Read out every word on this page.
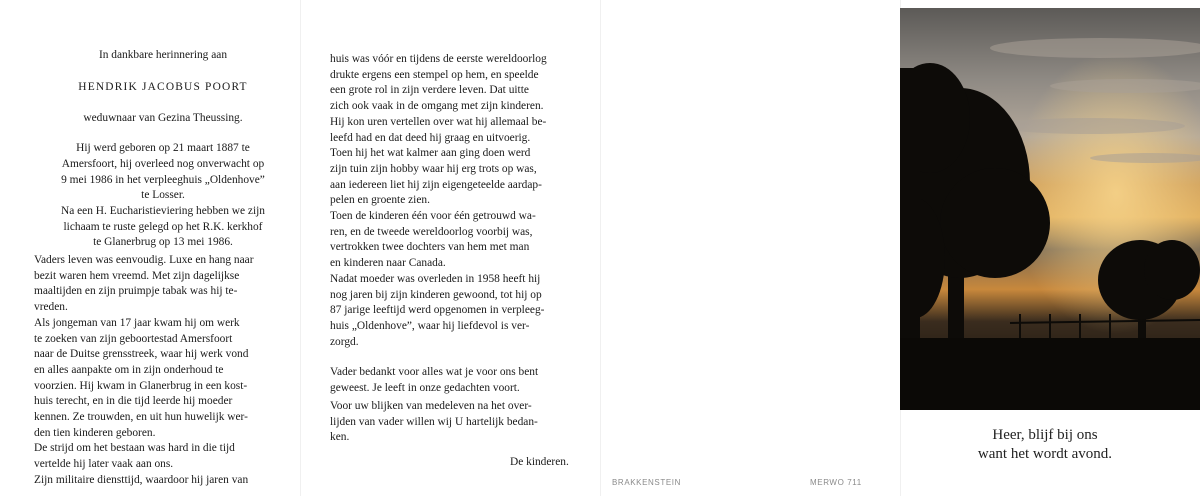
In dankbare herinnering aan
HENDRIK JACOBUS POORT
weduwnaar van Gezina Theussing.
Hij werd geboren op 21 maart 1887 te
Amersfoort, hij overleed nog onverwacht op
9 mei 1986 in het verpleeghuis „Oldenhove”
te Losser.
Na een H. Eucharistieviering hebben we zijn
lichaam te ruste gelegd op het R.K. kerkhof
te Glanerbrug op 13 mei 1986.
Vaders leven was eenvoudig. Luxe en hang naar
bezit waren hem vreemd. Met zijn dagelijkse
maaltijden en zijn pruimpje tabak was hij te-
vreden.
Als jongeman van 17 jaar kwam hij om werk
te zoeken van zijn geboortestad Amersfoort
naar de Duitse grensstreek, waar hij werk vond
en alles aanpakte om in zijn onderhoud te
voorzien. Hij kwam in Glanerbrug in een kost-
huis terecht, en in die tijd leerde hij moeder
kennen. Ze trouwden, en uit hun huwelijk wer-
den tien kinderen geboren.
De strijd om het bestaan was hard in die tijd
vertelde hij later vaak aan ons.
Zijn militaire diensttijd, waardoor hij jaren van
huis was vóór en tijdens de eerste wereldoorlog
drukte ergens een stempel op hem, en speelde
een grote rol in zijn verdere leven. Dat uitte
zich ook vaak in de omgang met zijn kinderen.
Hij kon uren vertellen over wat hij allemaal be-
leefd had en dat deed hij graag en uitvoerig.
Toen hij het wat kalmer aan ging doen werd
zijn tuin zijn hobby waar hij erg trots op was,
aan iedereen liet hij zijn eigengeteelde aardap-
pelen en groente zien.
Toen de kinderen één voor één getrouwd wa-
ren, en de tweede wereldoorlog voorbij was,
vertrokken twee dochters van hem met man
en kinderen naar Canada.
Nadat moeder was overleden in 1958 heeft hij
nog jaren bij zijn kinderen gewoond, tot hij op
87 jarige leeftijd werd opgenomen in verpleeg-
huis „Oldenhove”, waar hij liefdevol is ver-
zorgd.
Vader bedankt voor alles wat je voor ons bent
geweest. Je leeft in onze gedachten voort.
Voor uw blijken van medeleven na het over-
lijden van vader willen wij U hartelijk bedan-
ken.
De kinderen.
BRAKKENSTEIN	MERWO 711
Heer, blijf bij ons
want het wordt avond.
